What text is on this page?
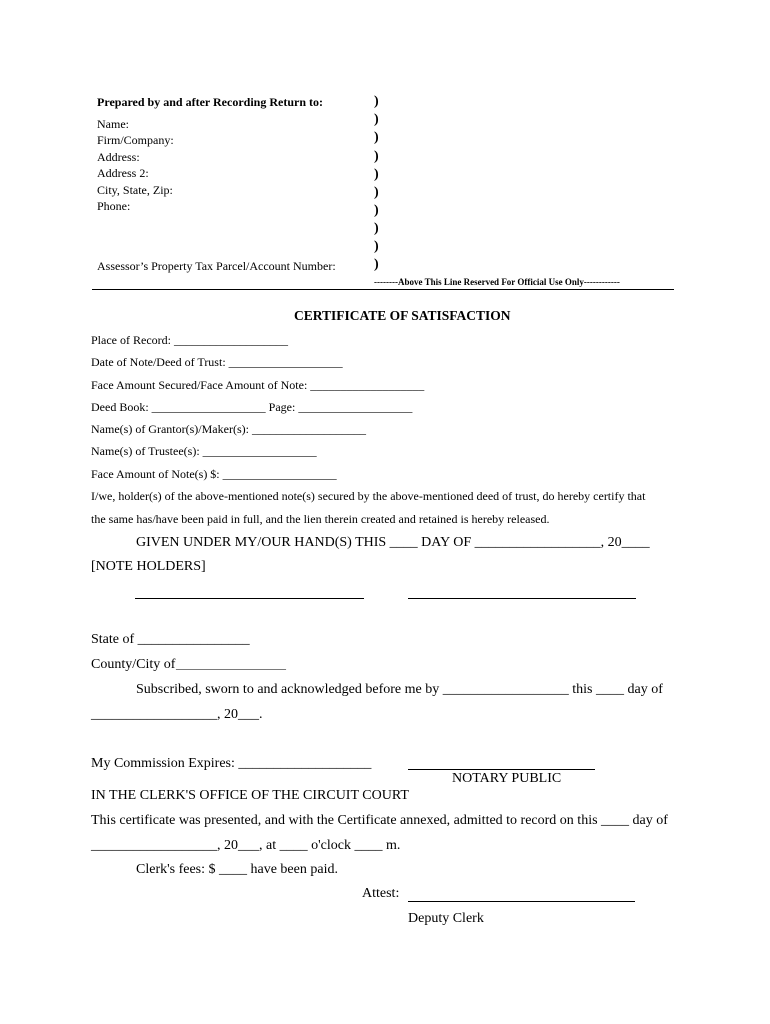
Prepared by and after Recording Return to:
Name:
Firm/Company:
Address:
Address 2:
City, State, Zip:
Phone:
Assessor’s Property Tax Parcel/Account Number:
)
)
)
)
)
)
)
)
)
)
--------Above This Line Reserved For Official Use Only------------
CERTIFICATE OF SATISFACTION
Place of Record: ___________________
Date of Note/Deed of Trust: ___________________
Face Amount Secured/Face Amount of Note: ___________________
Deed Book: ___________________ Page: ___________________
Name(s) of Grantor(s)/Maker(s): ___________________
Name(s) of Trustee(s): ___________________
Face Amount of Note(s) $: ___________________
I/we, holder(s) of the above-mentioned note(s) secured by the above-mentioned deed of trust, do hereby certify that
the same has/have been paid in full, and the lien therein created and retained is hereby released.
GIVEN UNDER MY/OUR HAND(S) THIS ____ DAY OF __________________, 20____
[NOTE HOLDERS]
State of ________________
County/City of ______________________
Subscribed, sworn to and acknowledged before me by __________________ this ____ day of
__________________, 20___.
My Commission Expires: ___________________
NOTARY PUBLIC
IN THE CLERK'S OFFICE OF THE CIRCUIT COURT
This certificate was presented, and with the Certificate annexed, admitted to record on this ____ day of
__________________, 20___, at ____ o'clock ____ m.
Clerk's fees: $ ____ have been paid.
Attest:
Deputy Clerk
